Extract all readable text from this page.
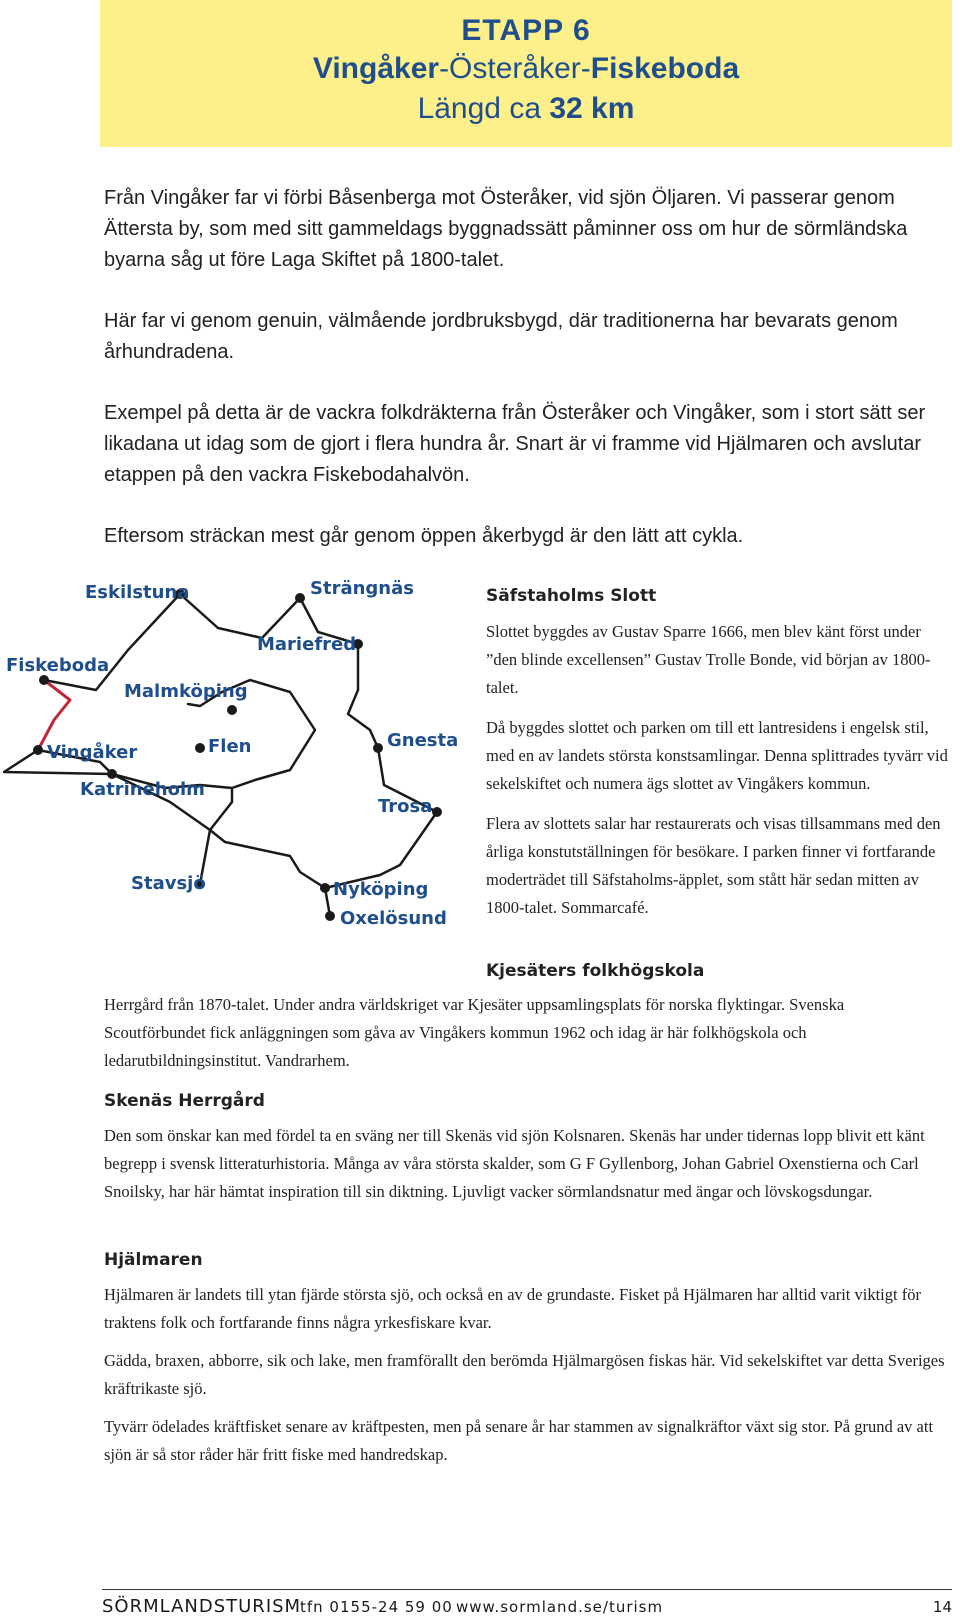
ETAPP 6
Vingåker-Österåker-Fiskeboda
Längd ca 32 km

Från Vingåker far vi förbi Båsenberga mot Österåker, vid sjön Öljaren. Vi passerar genom Ättersta by, som med sitt gammeldags byggnadssätt påminner oss om hur de sörmländska byarna såg ut före Laga Skiftet på 1800-talet.

Här far vi genom genuin, välmående jordbruksbygd, där traditionerna har bevarats genom århundradena.

Exempel på detta är de vackra folkdräkterna från Österåker och Vingåker, som i stort sätt ser likadana ut idag som de gjort i flera hundra år. Snart är vi framme vid Hjälmaren och avslutar etappen på den vackra Fiskebodahalvön.

Eftersom sträckan mest går genom öppen åkerbygd är den lätt att cykla.

Eskilstuna	Strängnäs
Mariefred
Fiskeboda
Malmköping
Gnesta
Flen
Vingåker
Katrineholm
Trosa
Stavsjö	Nyköping
Oxelösund
Säfstaholms Slott

Slottet byggdes av Gustav Sparre 1666, men blev känt först under ”den blinde excellensen” Gustav Trolle Bonde, vid början av 1800-talet.

Då byggdes slottet och parken om till ett lantresidens i engelsk stil, med en av landets största konstsamlingar. Denna splittrades tyvärr vid sekelskiftet och numera ägs slottet av Vingåkers kommun.

Flera av slottets salar har restaurerats och visas tillsammans med den årliga konstutställningen för besökare. I parken finner vi fortfarande moderträdet till Säfstaholms-äpplet, som stått här sedan mitten av 1800-talet. Sommarcafé.

Kjesäters folkhögskola

Herrgård från 1870-talet. Under andra världskriget var Kjesäter uppsamlingsplats för norska flyktingar. Svenska Scoutförbundet fick anläggningen som gåva av Vingåkers kommun 1962 och idag är här folkhögskola och ledarutbildningsinstitut. Vandrarhem.

Skenäs Herrgård

Den som önskar kan med fördel ta en sväng ner till Skenäs vid sjön Kolsnaren. Skenäs har under tidernas lopp blivit ett känt begrepp i svensk litteraturhistoria. Många av våra största skalder, som G F Gyllenborg, Johan Gabriel Oxenstierna och Carl Snoilsky, har här hämtat inspiration till sin diktning. Ljuvligt vacker sörmlandsnatur med ängar och lövskogsdungar.

Hjälmaren

Hjälmaren är landets till ytan fjärde största sjö, och också en av de grundaste. Fisket på Hjälmaren har alltid varit viktigt för traktens folk och fortfarande finns några yrkesfiskare kvar.

Gädda, braxen, abborre, sik och lake, men framförallt den berömda Hjälmargösen fiskas här. Vid sekelskiftet var detta Sveriges kräftrikaste sjö.

Tyvärr ödelades kräftfisket senare av kräftpesten, men på senare år har stammen av signalkräftor växt sig stor. På grund av att sjön är så stor råder här fritt fiske med handredskap.

SÖRMLANDSTURISM
tfn 0155-24 59 00 www.sormland.se/turism	14
